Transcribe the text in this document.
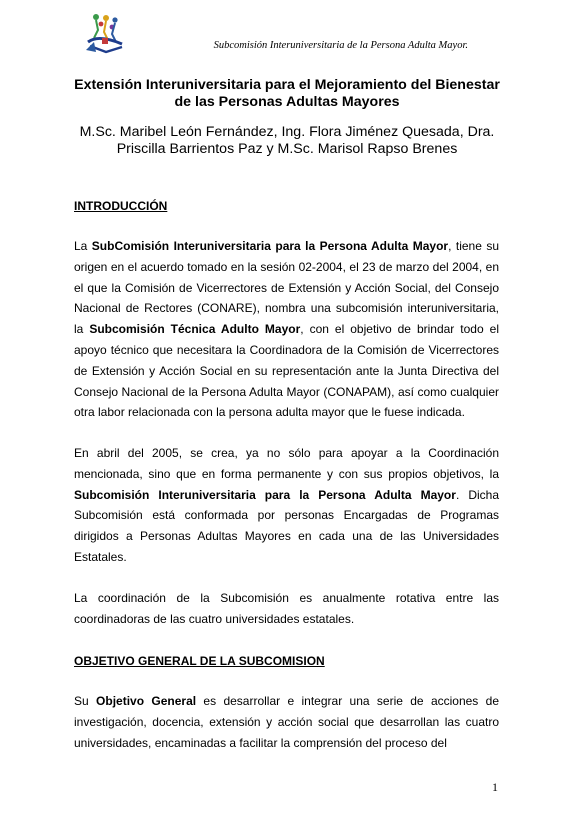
Subcomisión Interuniversitaria de la Persona Adulta Mayor.
Extensión Interuniversitaria para el Mejoramiento del Bienestar
de las Personas Adultas Mayores

M.Sc. Maribel León Fernández, Ing. Flora Jiménez Quesada, Dra.
Priscilla Barrientos Paz y M.Sc. Marisol Rapso Brenes

INTRODUCCIÓN

La SubComisión Interuniversitaria para la Persona Adulta Mayor, tiene su origen en el acuerdo tomado en la sesión 02-2004, el 23 de marzo del 2004, en el que la Comisión de Vicerrectores de Extensión y Acción Social, del Consejo Nacional de Rectores (CONARE), nombra una subcomisión interuniversitaria, la Subcomisión Técnica Adulto Mayor, con el objetivo de brindar todo el apoyo técnico que necesitara la Coordinadora de la Comisión de Vicerrectores de Extensión y Acción Social en su representación ante la Junta Directiva del Consejo Nacional de la Persona Adulta Mayor (CONAPAM), así como cualquier otra labor relacionada con la persona adulta mayor que le fuese indicada.

En abril del 2005, se crea, ya no sólo para apoyar a la Coordinación mencionada, sino que en forma permanente y con sus propios objetivos, la Subcomisión Interuniversitaria para la Persona Adulta Mayor. Dicha Subcomisión está conformada por personas Encargadas de Programas dirigidos a Personas Adultas Mayores en cada una de las Universidades Estatales.

La coordinación de la Subcomisión es anualmente rotativa entre las coordinadoras de las cuatro universidades estatales.

OBJETIVO GENERAL DE LA SUBCOMISION

Su Objetivo General es desarrollar e integrar una serie de acciones de investigación, docencia, extensión y acción social que desarrollan las cuatro universidades, encaminadas a facilitar la comprensión del proceso del

1
